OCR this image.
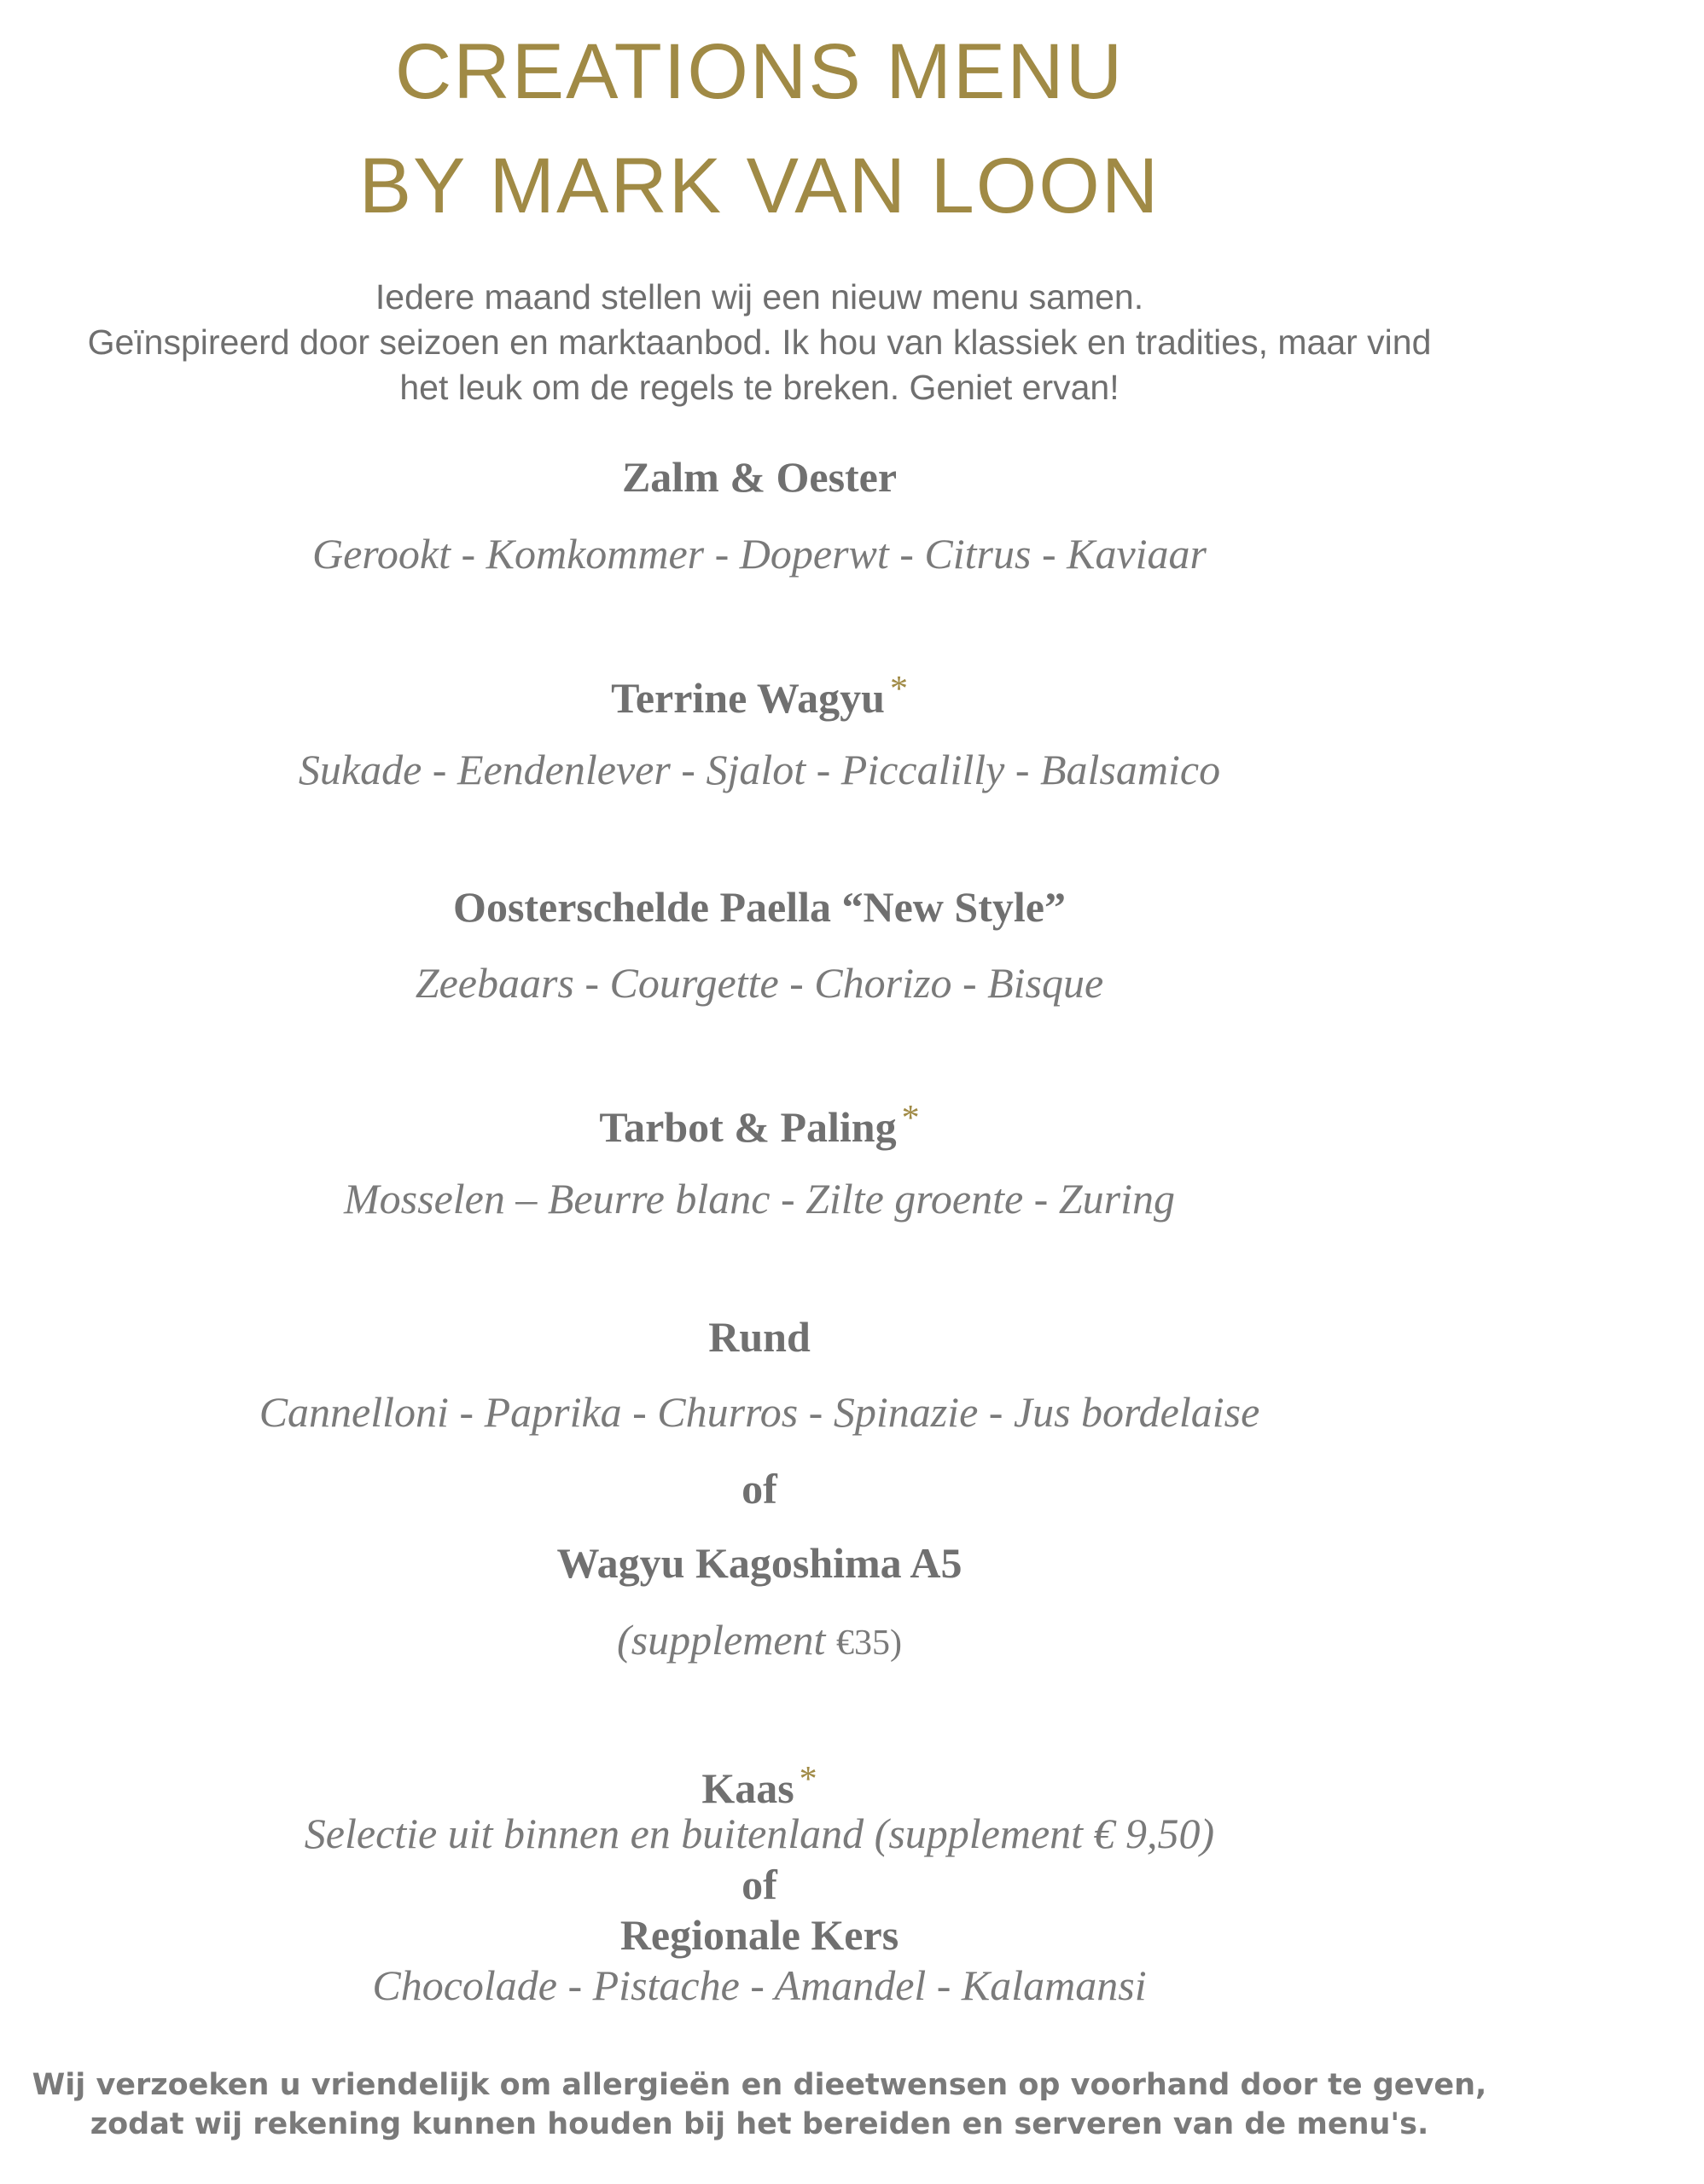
CREATIONS MENU
BY MARK VAN LOON
Iedere maand stellen wij een nieuw menu samen.
Geïnspireerd door seizoen en marktaanbod. Ik hou van klassiek en tradities, maar vind
het leuk om de regels te breken. Geniet ervan!
Zalm & Oester
Gerookt - Komkommer - Doperwt - Citrus - Kaviaar
Terrine Wagyu *
Sukade - Eendenlever - Sjalot - Piccalilly - Balsamico
Oosterschelde Paella “New Style”
Zeebaars - Courgette - Chorizo - Bisque
Tarbot & Paling *
Mosselen – Beurre blanc - Zilte groente - Zuring
Rund
Cannelloni - Paprika - Churros - Spinazie - Jus bordelaise
of
Wagyu Kagoshima A5
(supplement €35)
Kaas *
Selectie uit binnen en buitenland (supplement € 9,50)
of
Regionale Kers
Chocolade - Pistache - Amandel - Kalamansi
Wij verzoeken u vriendelijk om allergieën en dieetwensen op voorhand door te geven,
zodat wij rekening kunnen houden bij het bereiden en serveren van de menu's.
